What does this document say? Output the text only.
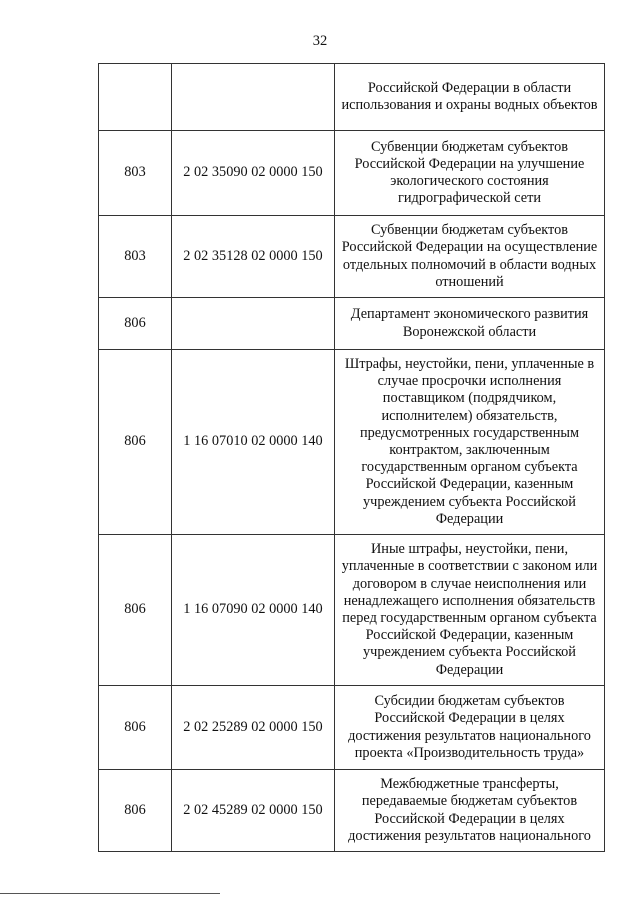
32
		Российской Федерации в области использования и охраны водных объектов
803	2 02 35090 02 0000 150	Субвенции бюджетам субъектов Российской Федерации на улучшение экологического состояния гидрографической сети
803	2 02 35128 02 0000 150	Субвенции бюджетам субъектов Российской Федерации на осуществление отдельных полномочий в области водных отношений
806		Департамент экономического развития Воронежской области
806	1 16 07010 02 0000 140	Штрафы, неустойки, пени, уплаченные в случае просрочки исполнения поставщиком (подрядчиком, исполнителем) обязательств, предусмотренных государственным контрактом, заключенным государственным органом субъекта Российской Федерации, казенным учреждением субъекта Российской Федерации
806	1 16 07090 02 0000 140	Иные штрафы, неустойки, пени, уплаченные в соответствии с законом или договором в случае неисполнения или ненадлежащего исполнения обязательств перед государственным органом субъекта Российской Федерации, казенным учреждением субъекта Российской Федерации
806	2 02 25289 02 0000 150	Субсидии бюджетам субъектов Российской Федерации в целях достижения результатов национального проекта «Производительность труда»
806	2 02 45289 02 0000 150	Межбюджетные трансферты, передаваемые бюджетам субъектов Российской Федерации в целях достижения результатов национального
